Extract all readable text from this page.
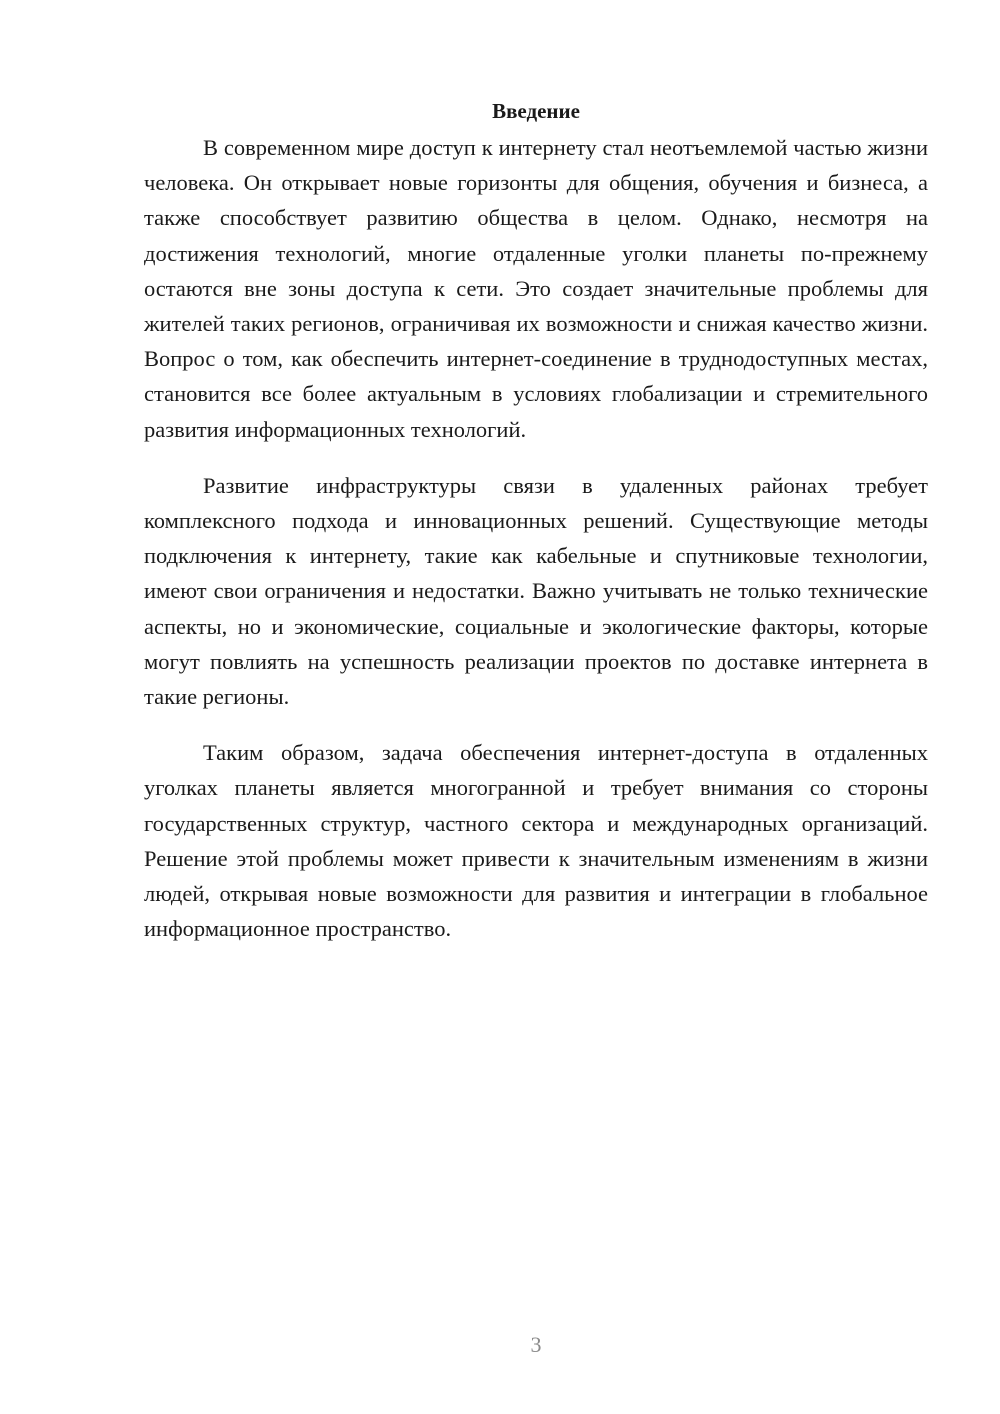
Введение

В современном мире доступ к интернету стал неотъемлемой частью жизни человека. Он открывает новые горизонты для общения, обучения и бизнеса, а также способствует развитию общества в целом. Однако, несмотря на достижения технологий, многие отдаленные уголки планеты по-прежнему остаются вне зоны доступа к сети. Это создает значительные проблемы для жителей таких регионов, ограничивая их возможности и снижая качество жизни. Вопрос о том, как обеспечить интернет-соединение в труднодоступных местах, становится все более актуальным в условиях глобализации и стремительного развития информационных технологий.

Развитие инфраструктуры связи в удаленных районах требует комплексного подхода и инновационных решений. Существующие методы подключения к интернету, такие как кабельные и спутниковые технологии, имеют свои ограничения и недостатки. Важно учитывать не только технические аспекты, но и экономические, социальные и экологические факторы, которые могут повлиять на успешность реализации проектов по доставке интернета в такие регионы.

Таким образом, задача обеспечения интернет-доступа в отдаленных уголках планеты является многогранной и требует внимания со стороны государственных структур, частного сектора и международных организаций. Решение этой проблемы может привести к значительным изменениям в жизни людей, открывая новые возможности для развития и интеграции в глобальное информационное пространство.

3
